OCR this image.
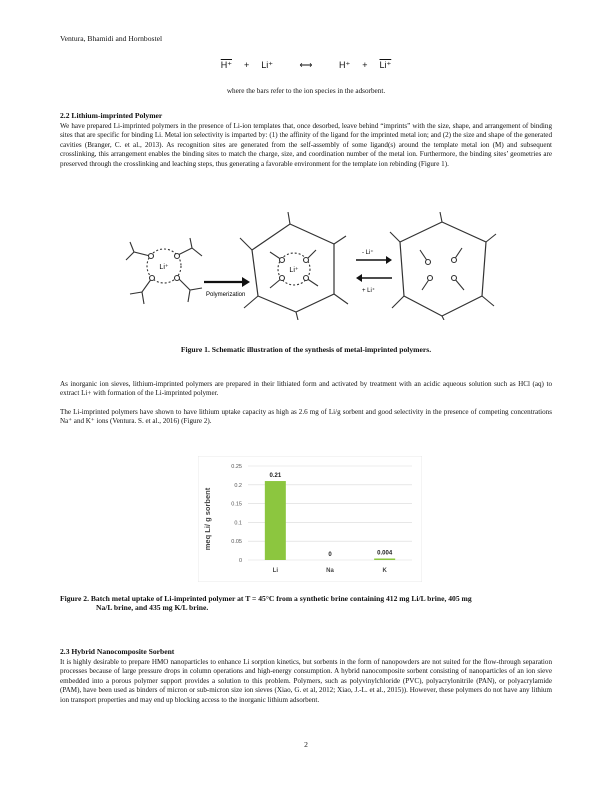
Ventura, Bhamidi and Hornbostel
H⁺ + Li⁺	⟷	H⁺ + Li⁺
where the bars refer to the ion species in the adsorbent.
2.2 Lithium-imprinted Polymer
We have prepared Li-imprinted polymers in the presence of Li-ion templates that, once desorbed, leave behind “imprints” with the size, shape, and arrangement of binding sites that are specific for binding Li. Metal ion selectivity is imparted by: (1) the affinity of the ligand for the imprinted metal ion; and (2) the size and shape of the generated cavities (Branger, C. et al., 2013). As recognition sites are generated from the self-assembly of some ligand(s) around the template metal ion (M) and subsequent crosslinking, this arrangement enables the binding sites to match the charge, size, and coordination number of the metal ion. Furthermore, the binding sites’ geometries are preserved through the crosslinking and leaching steps, thus generating a favorable environment for the template ion rebinding (Figure 1).
Li⁺	Li⁺
Polymerization
- Li⁺
+ Li⁺
Figure 1. Schematic illustration of the synthesis of metal-imprinted polymers.
As inorganic ion sieves, lithium-imprinted polymers are prepared in their lithiated form and activated by treatment with an acidic aqueous solution such as HCl (aq) to extract Li+ with formation of the Li-imprinted polymer.
The Li-imprinted polymers have shown to have lithium uptake capacity as high as 2.6 mg of Li/g sorbent and good selectivity in the presence of competing concentrations Na⁺ and K⁺ ions (Ventura. S. et al., 2016) (Figure 2).
meq Li/ g sorbent
0
0.05
0.1
0.15
0.2
0.25
Li	Na	K
0.21
0	0.004
Figure 2. Batch metal uptake of Li-imprinted polymer at T = 45°C from a synthetic brine containing 412 mg Li/L brine, 405 mg
Na/L brine, and 435 mg K/L brine.
2.3 Hybrid Nanocomposite Sorbent
It is highly desirable to prepare HMO nanoparticles to enhance Li sorption kinetics, but sorbents in the form of nanopowders are not suited for the flow-through separation processes because of large pressure drops in column operations and high-energy consumption. A hybrid nanocomposite sorbent consisting of nanoparticles of an ion sieve embedded into a porous polymer support provides a solution to this problem. Polymers, such as polyvinylchloride (PVC), polyacrylonitrile (PAN), or polyacrylamide (PAM), have been used as binders of micron or sub-micron size ion sieves (Xiao, G. et al, 2012; Xiao, J.-L. et al., 2015)). However, these polymers do not have any lithium ion transport properties and may end up blocking access to the inorganic lithium adsorbent.
2
